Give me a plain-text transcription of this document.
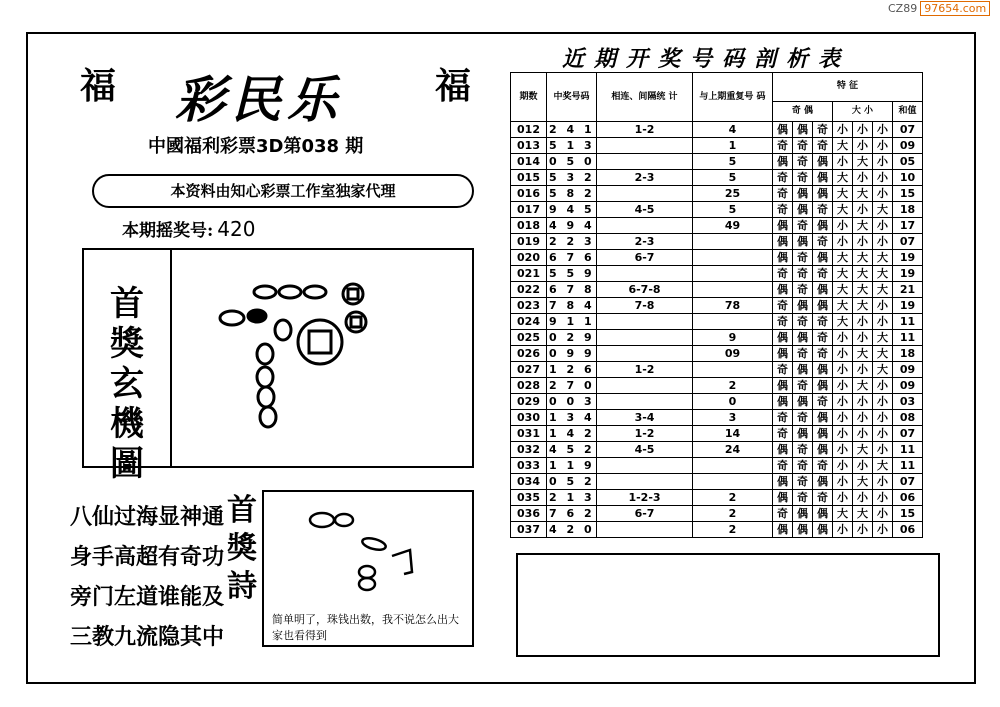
CZ89 97654.com
福	福
彩民乐
中國福利彩票3D第038 期
本资料由知心彩票工作室独家代理
本期摇奖号: 420
首
獎
玄
機
圖
八仙过海显神通
身手高超有奇功
旁门左道谁能及
三教九流隐其中
首
獎
詩
简单明了，珠钱出数，我不说怎么出大家也看得到
近期开奖号码剖析表
期数	中奖号码	相连、间隔统 计	与上期重复号 码	特 征						
				奇 偶			大 小			和值
012	2 4 1	1-2	4	偶	偶	奇	小	小	小	07
013	5 1 3		1	奇	奇	奇	大	小	小	09
014	0 5 0		5	偶	奇	偶	小	大	小	05
015	5 3 2	2-3	5	奇	奇	偶	大	小	小	10
016	5 8 2		25	奇	偶	偶	大	大	小	15
017	9 4 5	4-5	5	奇	偶	奇	大	小	大	18
018	4 9 4		49	偶	奇	偶	小	大	小	17
019	2 2 3	2-3		偶	偶	奇	小	小	小	07
020	6 7 6	6-7		偶	奇	偶	大	大	大	19
021	5 5 9			奇	奇	奇	大	大	大	19
022	6 7 8	6-7-8		偶	奇	偶	大	大	大	21
023	7 8 4	7-8	78	奇	偶	偶	大	大	小	19
024	9 1 1			奇	奇	奇	大	小	小	11
025	0 2 9		9	偶	偶	奇	小	小	大	11
026	0 9 9		09	偶	奇	奇	小	大	大	18
027	1 2 6	1-2		奇	偶	偶	小	小	大	09
028	2 7 0		2	偶	奇	偶	小	大	小	09
029	0 0 3		0	偶	偶	奇	小	小	小	03
030	1 3 4	3-4	3	奇	奇	偶	小	小	小	08
031	1 4 2	1-2	14	奇	偶	偶	小	小	小	07
032	4 5 2	4-5	24	偶	奇	偶	小	大	小	11
033	1 1 9			奇	奇	奇	小	小	大	11
034	0 5 2			偶	奇	偶	小	大	小	07
035	2 1 3	1-2-3	2	偶	奇	奇	小	小	小	06
036	7 6 2	6-7	2	奇	偶	偶	大	大	小	15
037	4 2 0		2	偶	偶	偶	小	小	小	06
